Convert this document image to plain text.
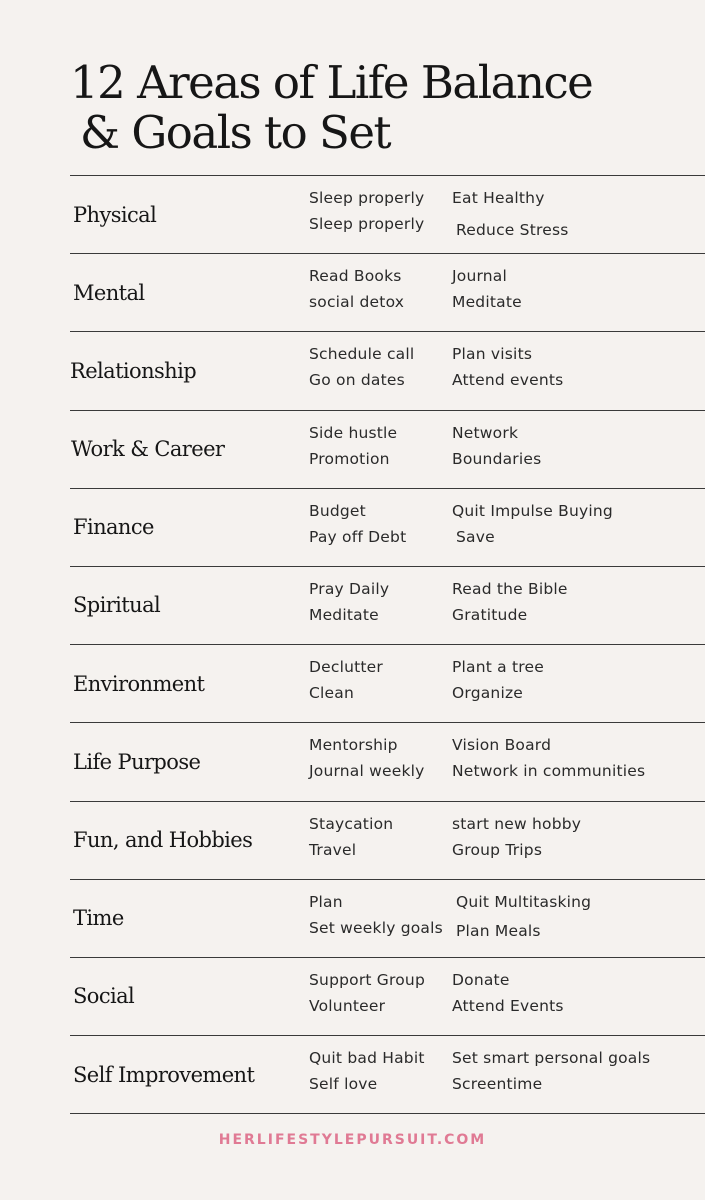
12 Areas of Life Balance
& Goals to Set
Physical
Sleep properly
Sleep properly
Eat Healthy
Reduce Stress
Mental
Read Books
social detox
Journal
Meditate
Relationship
Schedule call
Go on dates
Plan visits
Attend events
Work & Career
Side hustle
Promotion
Network
Boundaries
Finance
Budget
Pay off Debt
Quit Impulse Buying
Save
Spiritual
Pray Daily
Meditate
Read the Bible
Gratitude
Environment
Declutter
Clean
Plant a tree
Organize
Life Purpose
Mentorship
Journal weekly
Vision Board
Network in communities
Fun, and Hobbies
Staycation
Travel
start new hobby
Group Trips
Time
Plan
Set weekly goals
Quit Multitasking
Plan Meals
Social
Support Group
Volunteer
Donate
Attend Events
Self Improvement
Quit bad Habit
Self love
Set smart personal goals
Screentime
HERLIFESTYLEPURSUIT.COM
